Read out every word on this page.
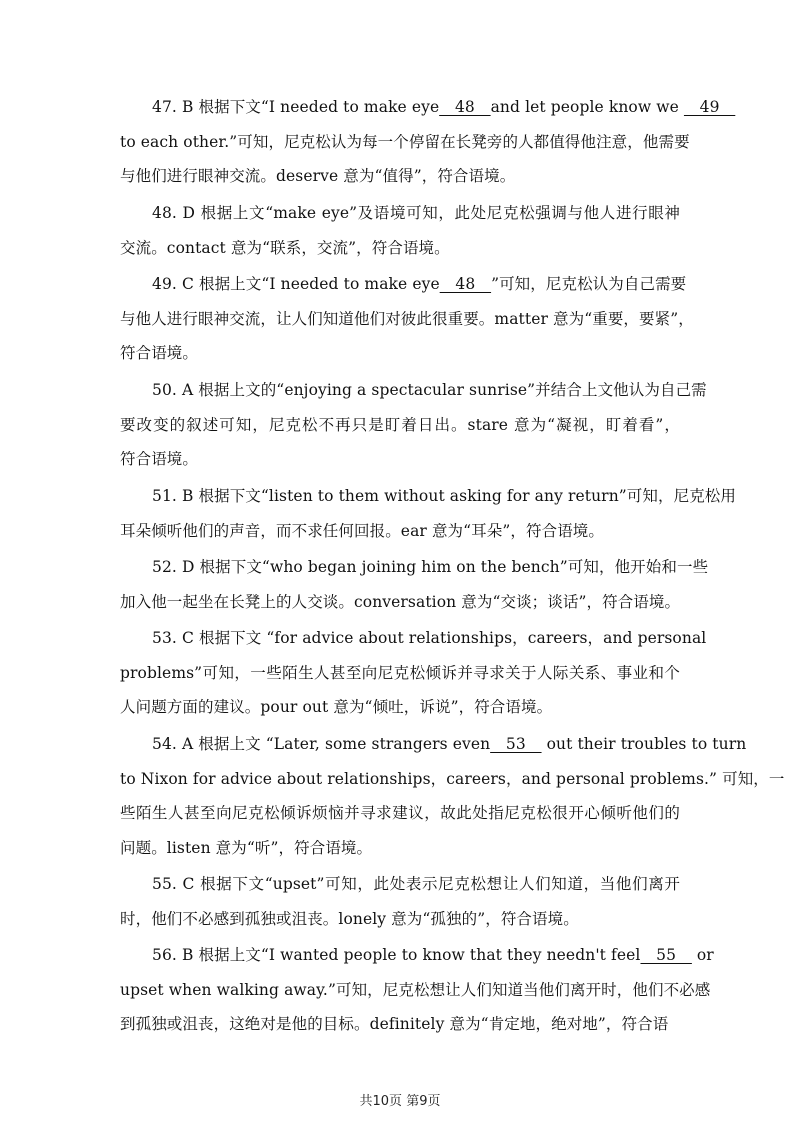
47. B 根据下文“I needed to make eye__48__and let people know we __49__
to each other.”可知，尼克松认为每一个停留在长凳旁的人都值得他注意，他需要
与他们进行眼神交流。deserve 意为“值得”，符合语境。
48. D 根据上文“make eye”及语境可知，此处尼克松强调与他人进行眼神
交流。contact 意为“联系，交流”，符合语境。
49. C 根据上文“I needed to make eye__48__”可知，尼克松认为自己需要
与他人进行眼神交流，让人们知道他们对彼此很重要。matter 意为“重要，要紧”，
符合语境。
50. A 根据上文的“enjoying a spectacular sunrise”并结合上文他认为自己需
要改变的叙述可知，尼克松不再只是盯着日出。stare 意为“凝视，盯着看”，
符合语境。
51. B 根据下文“listen to them without asking for any return”可知，尼克松用
耳朵倾听他们的声音，而不求任何回报。ear 意为“耳朵”，符合语境。
52. D 根据下文“who began joining him on the bench”可知，他开始和一些
加入他一起坐在长凳上的人交谈。conversation 意为“交谈；谈话”，符合语境。
53. C 根据下文 “for advice about relationships，careers，and personal
problems”可知，一些陌生人甚至向尼克松倾诉并寻求关于人际关系、事业和个
人问题方面的建议。pour out 意为“倾吐，诉说”，符合语境。
54. A 根据上文 “Later, some strangers even__53__ out their troubles to turn
to Nixon for advice about relationships，careers，and personal problems.” 可知，一
些陌生人甚至向尼克松倾诉烦恼并寻求建议，故此处指尼克松很开心倾听他们的
问题。listen 意为“听”，符合语境。
55. C 根据下文“upset”可知，此处表示尼克松想让人们知道，当他们离开
时，他们不必感到孤独或沮丧。lonely 意为“孤独的”，符合语境。
56. B 根据上文“I wanted people to know that they needn't feel__55__ or
upset when walking away.”可知，尼克松想让人们知道当他们离开时，他们不必感
到孤独或沮丧，这绝对是他的目标。definitely 意为“肯定地，绝对地”，符合语
共10页 第9页
